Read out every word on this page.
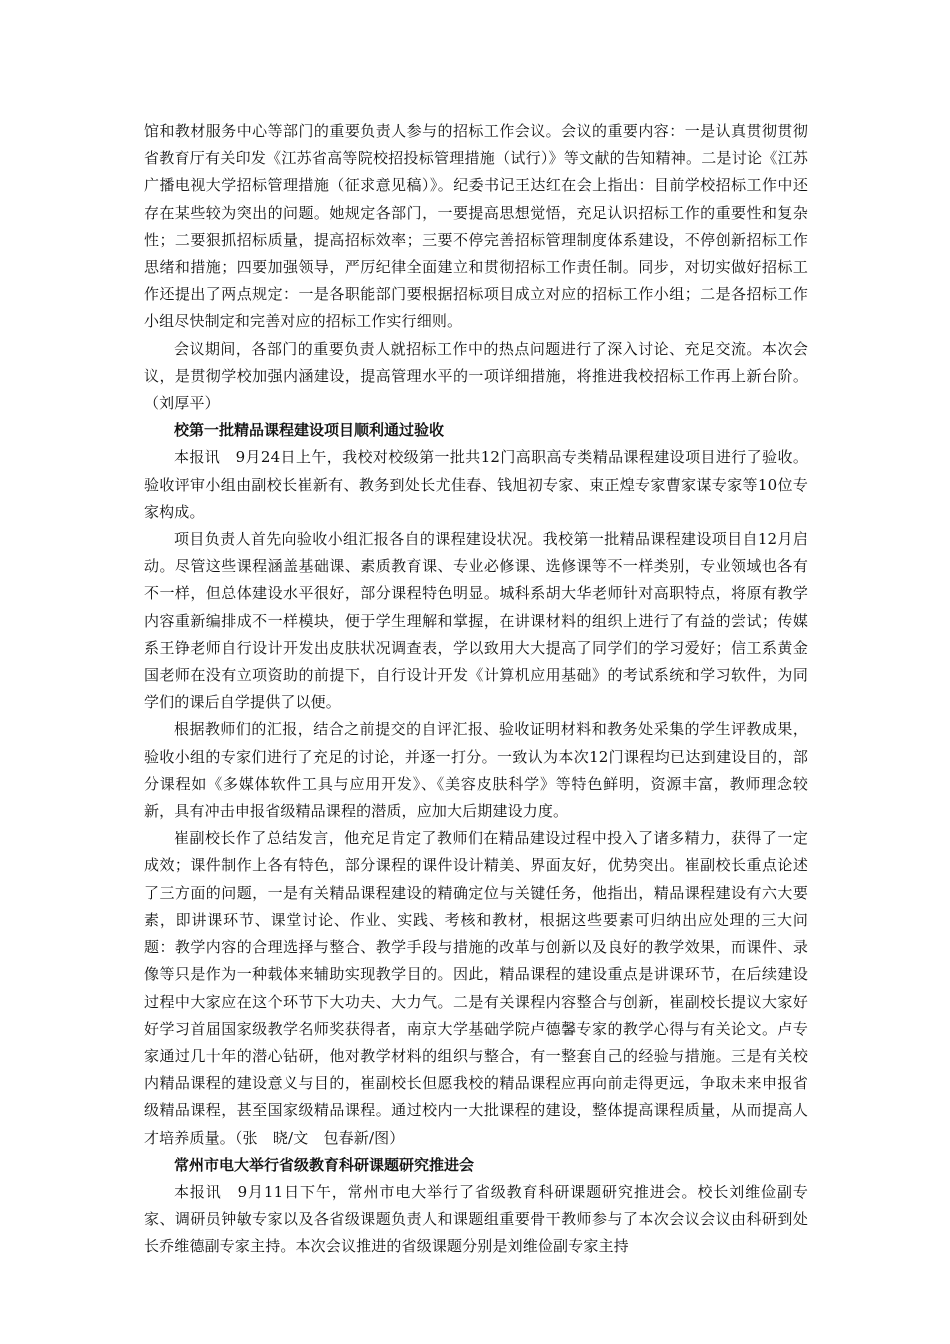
馆和教材服务中心等部门的重要负责人参与的招标工作会议。会议的重要内容：一是认真贯彻贯彻省教育厅有关印发《江苏省高等院校招投标管理措施（试行）》等文献的告知精神。二是讨论《江苏广播电视大学招标管理措施（征求意见稿）》。纪委书记王达红在会上指出：目前学校招标工作中还存在某些较为突出的问题。她规定各部门，一要提高思想觉悟，充足认识招标工作的重要性和复杂性；二要狠抓招标质量，提高招标效率；三要不停完善招标管理制度体系建设，不停创新招标工作思绪和措施；四要加强领导，严厉纪律全面建立和贯彻招标工作责任制。同步，对切实做好招标工作还提出了两点规定：一是各职能部门要根据招标项目成立对应的招标工作小组；二是各招标工作小组尽快制定和完善对应的招标工作实行细则。

会议期间，各部门的重要负责人就招标工作中的热点问题进行了深入讨论、充足交流。本次会议，是贯彻学校加强内涵建设，提高管理水平的一项详细措施，将推进我校招标工作再上新台阶。（刘厚平）

校第一批精品课程建设项目顺利通过验收

本报讯　9月24日上午，我校对校级第一批共12门高职高专类精品课程建设项目进行了验收。验收评审小组由副校长崔新有、教务到处长尤佳春、钱旭初专家、束正煌专家曹家谋专家等10位专家构成。

项目负责人首先向验收小组汇报各自的课程建设状况。我校第一批精品课程建设项目自12月启动。尽管这些课程涵盖基础课、素质教育课、专业必修课、选修课等不一样类别，专业领域也各有不一样，但总体建设水平很好，部分课程特色明显。城科系胡大华老师针对高职特点，将原有教学内容重新编排成不一样模块，便于学生理解和掌握，在讲课材料的组织上进行了有益的尝试；传媒系王铮老师自行设计开发出皮肤状况调查表，学以致用大大提高了同学们的学习爱好；信工系黄金国老师在没有立项资助的前提下，自行设计开发《计算机应用基础》的考试系统和学习软件，为同学们的课后自学提供了以便。

根据教师们的汇报，结合之前提交的自评汇报、验收证明材料和教务处采集的学生评教成果，验收小组的专家们进行了充足的讨论，并逐一打分。一致认为本次12门课程均已达到建设目的，部分课程如《多媒体软件工具与应用开发》、《美容皮肤科学》等特色鲜明，资源丰富，教师理念较新，具有冲击申报省级精品课程的潜质，应加大后期建设力度。

崔副校长作了总结发言，他充足肯定了教师们在精品建设过程中投入了诸多精力，获得了一定成效；课件制作上各有特色，部分课程的课件设计精美、界面友好，优势突出。崔副校长重点论述了三方面的问题，一是有关精品课程建设的精确定位与关键任务，他指出，精品课程建设有六大要素，即讲课环节、课堂讨论、作业、实践、考核和教材，根据这些要素可归纳出应处理的三大问题：教学内容的合理选择与整合、教学手段与措施的改革与创新以及良好的教学效果，而课件、录像等只是作为一种载体来辅助实现教学目的。因此，精品课程的建设重点是讲课环节，在后续建设过程中大家应在这个环节下大功夫、大力气。二是有关课程内容整合与创新，崔副校长提议大家好好学习首届国家级教学名师奖获得者，南京大学基础学院卢德馨专家的教学心得与有关论文。卢专家通过几十年的潜心钻研，他对教学材料的组织与整合，有一整套自己的经验与措施。三是有关校内精品课程的建设意义与目的，崔副校长但愿我校的精品课程应再向前走得更远，争取未来申报省级精品课程，甚至国家级精品课程。通过校内一大批课程的建设，整体提高课程质量，从而提高人才培养质量。（张　晓/文　包春新/图）

常州市电大举行省级教育科研课题研究推进会

本报讯　9月11日下午，常州市电大举行了省级教育科研课题研究推进会。校长刘维俭副专家、调研员钟敏专家以及各省级课题负责人和课题组重要骨干教师参与了本次会议会议由科研到处长乔维德副专家主持。本次会议推进的省级课题分别是刘维俭副专家主持
